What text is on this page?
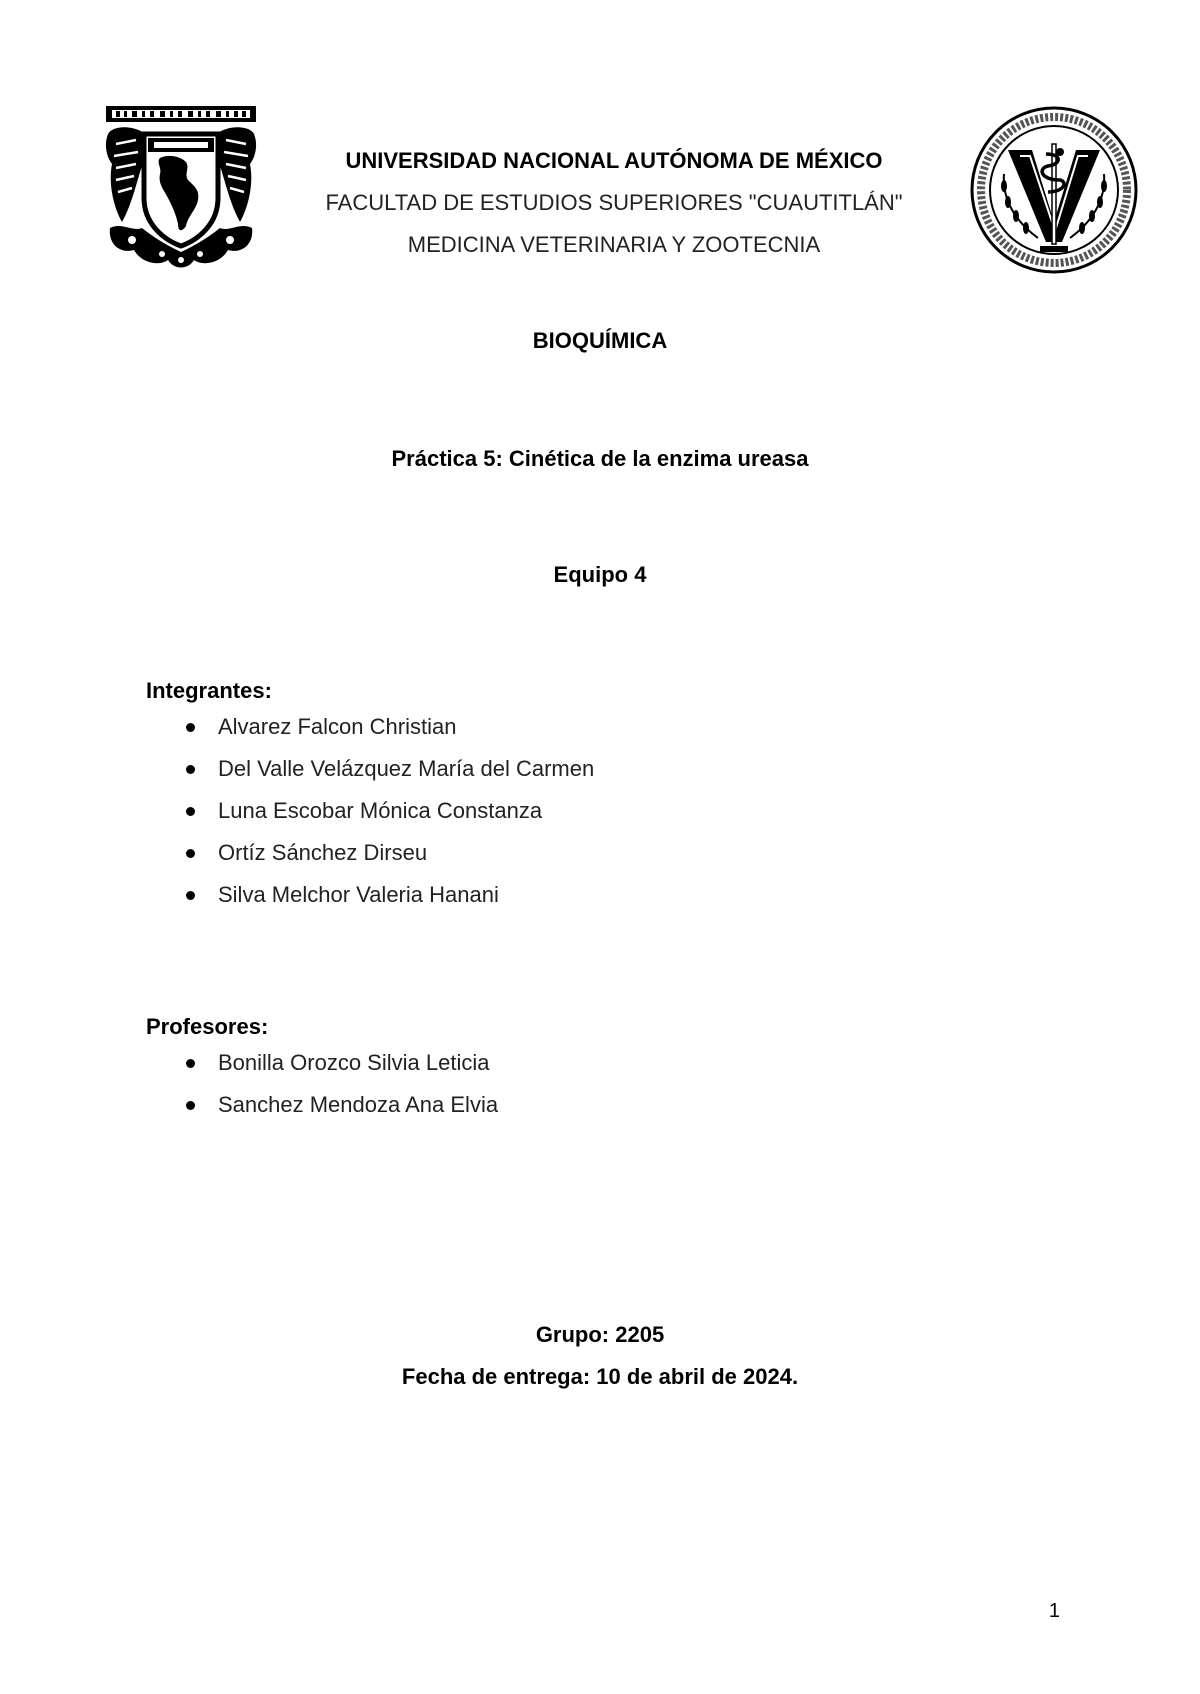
UNIVERSIDAD NACIONAL AUTÓNOMA DE MÉXICO
FACULTAD DE ESTUDIOS SUPERIORES "CUAUTITLÁN"
MEDICINA VETERINARIA Y ZOOTECNIA
BIOQUÍMICA
Práctica 5: Cinética de la enzima ureasa
Equipo 4
Integrantes:
Alvarez Falcon Christian
Del Valle Velázquez María del Carmen
Luna Escobar Mónica Constanza
Ortíz Sánchez Dirseu
Silva Melchor Valeria Hanani
Profesores:
Bonilla Orozco Silvia Leticia
Sanchez Mendoza Ana Elvia
Grupo: 2205
Fecha de entrega: 10 de abril de 2024.
1
